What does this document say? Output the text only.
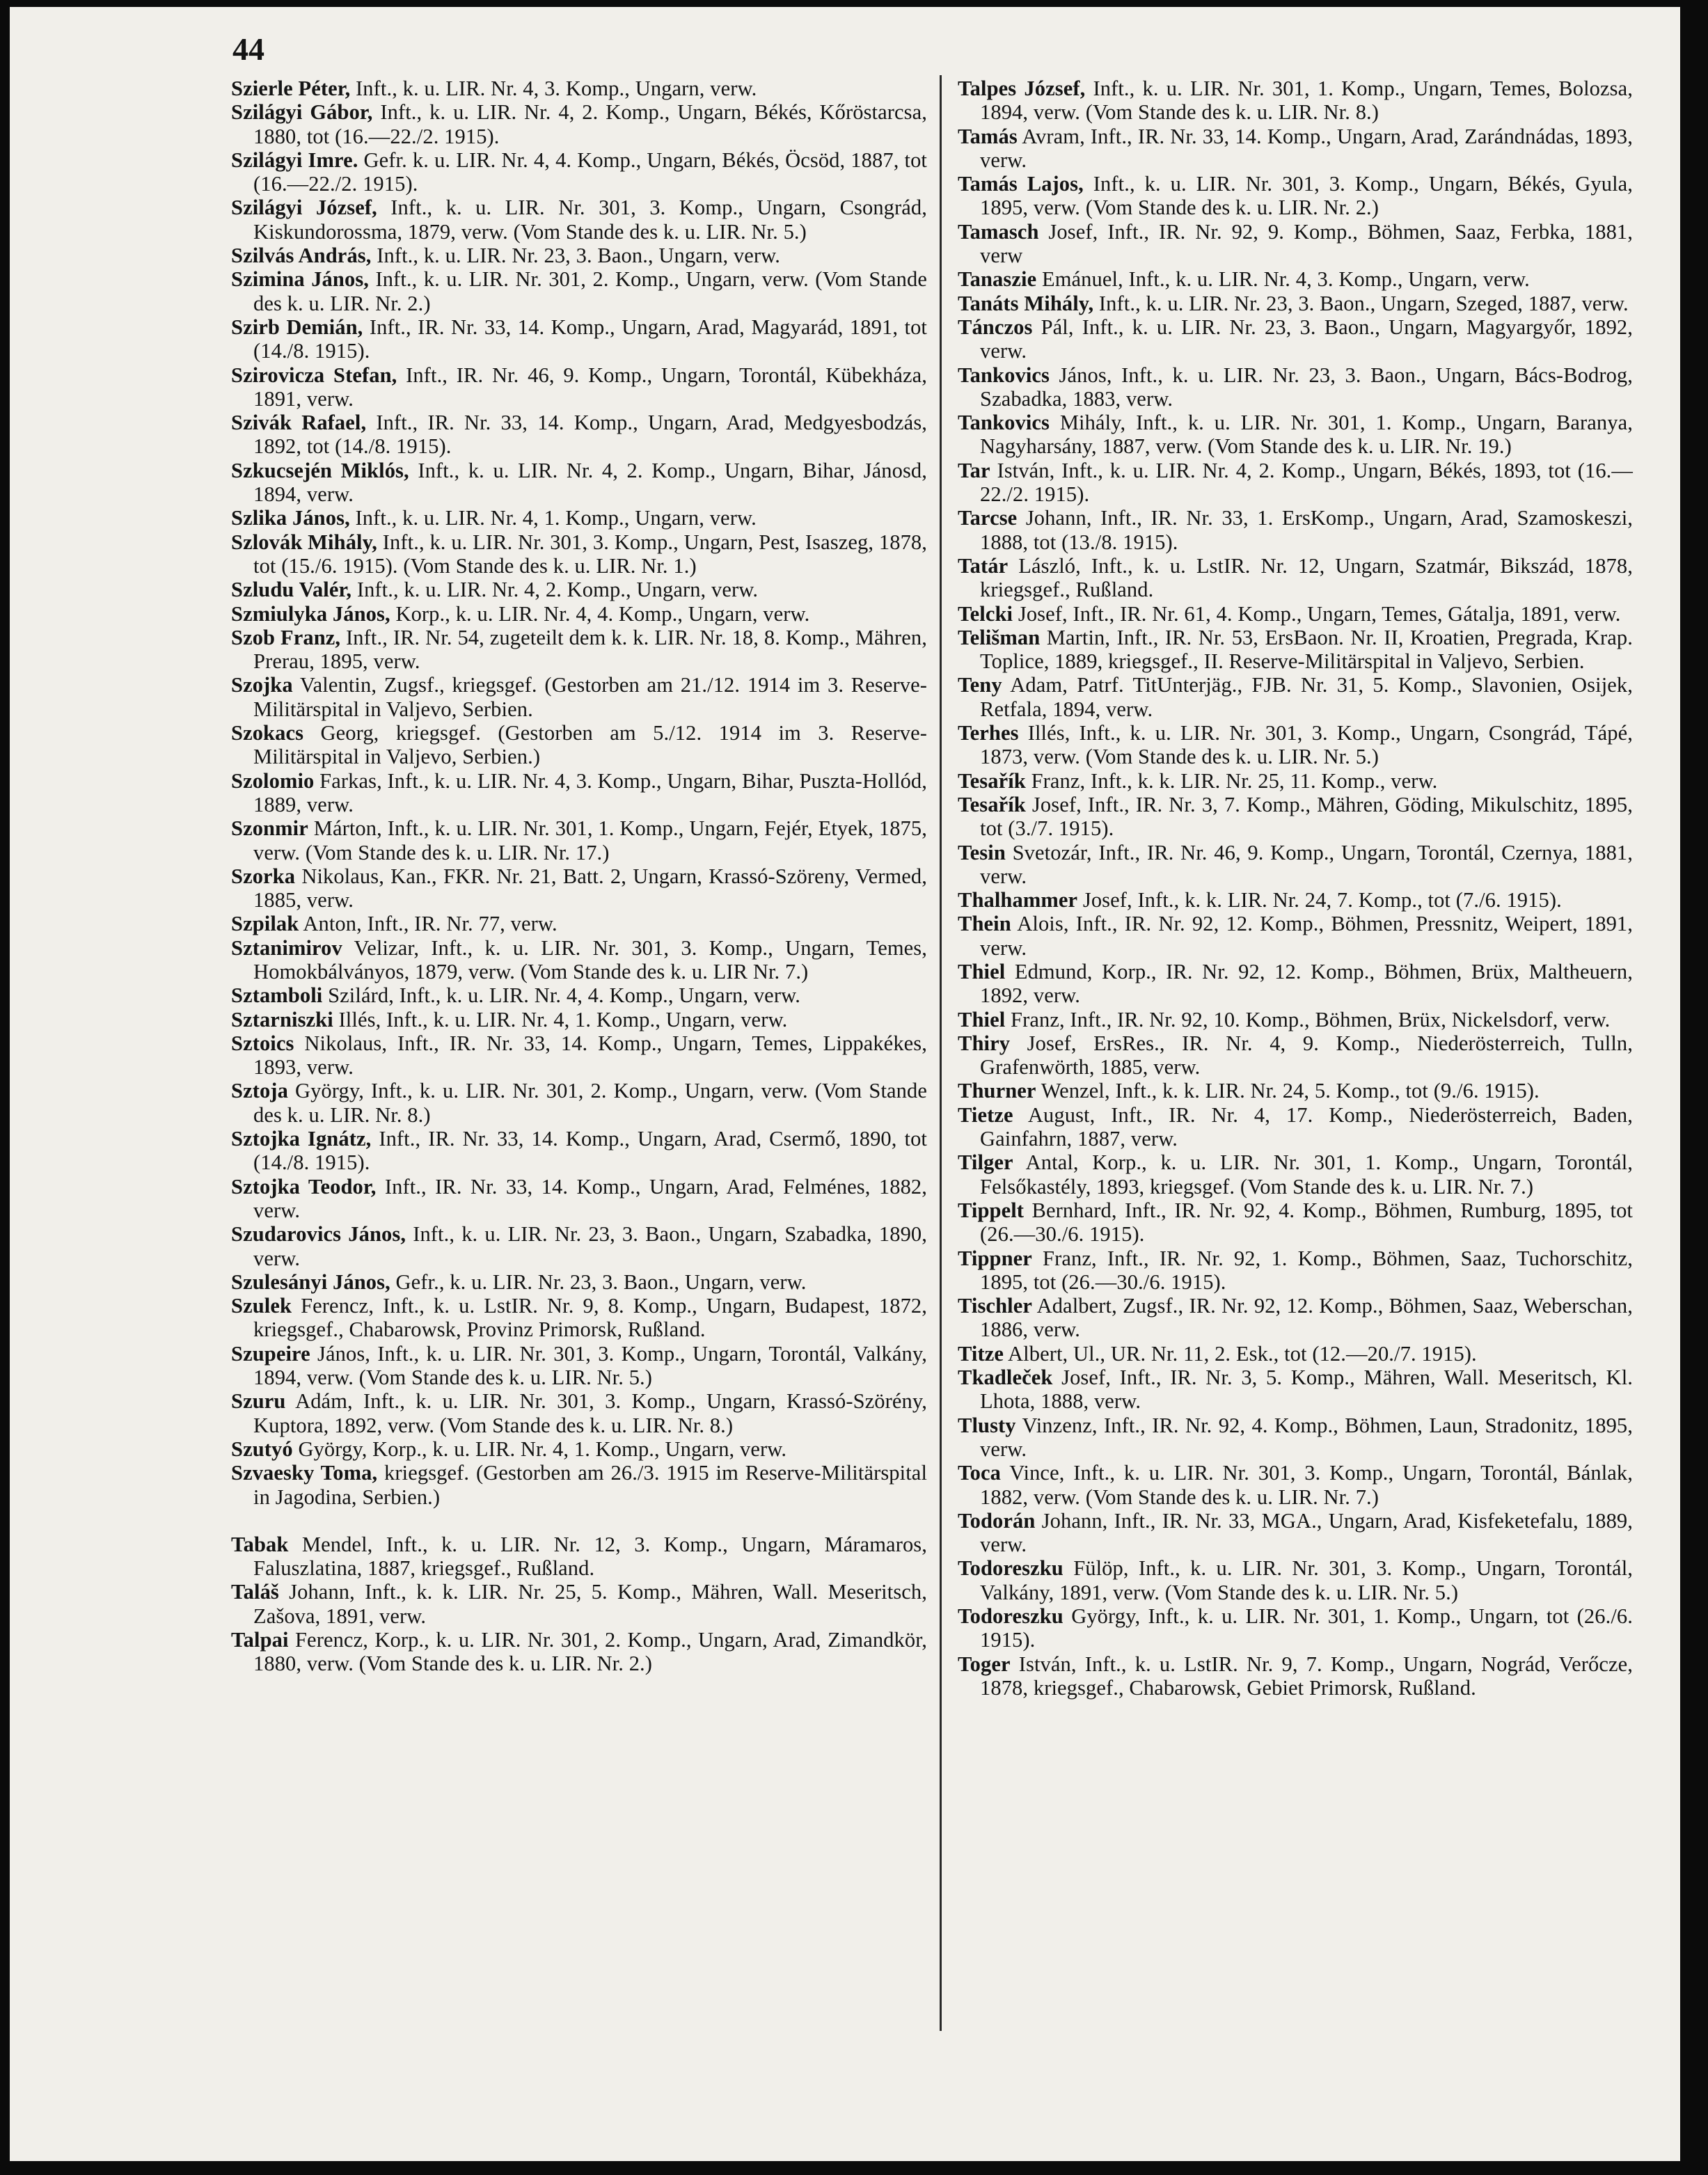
44

Szierle Péter, Inft., k. u. LIR. Nr. 4, 3. Komp., Ungarn, verw.

Szilágyi Gábor, Inft., k. u. LIR. Nr. 4, 2. Komp., Ungarn, Békés, Kőröstarcsa, 1880, tot (16.—22./2. 1915).

Szilágyi Imre. Gefr. k. u. LIR. Nr. 4, 4. Komp., Ungarn, Békés, Öcsöd, 1887, tot (16.—22./2. 1915).

Szilágyi József, Inft., k. u. LIR. Nr. 301, 3. Komp., Ungarn, Csongrád, Kiskundorossma, 1879, verw. (Vom Stande des k. u. LIR. Nr. 5.)

Szilvás András, Inft., k. u. LIR. Nr. 23, 3. Baon., Ungarn, verw.

Szimina János, Inft., k. u. LIR. Nr. 301, 2. Komp., Ungarn, verw. (Vom Stande des k. u. LIR. Nr. 2.)

Szirb Demián, Inft., IR. Nr. 33, 14. Komp., Ungarn, Arad, Magyarád, 1891, tot (14./8. 1915).

Szirovicza Stefan, Inft., IR. Nr. 46, 9. Komp., Ungarn, Torontál, Kübekháza, 1891, verw.

Szivák Rafael, Inft., IR. Nr. 33, 14. Komp., Ungarn, Arad, Medgyesbodzás, 1892, tot (14./8. 1915).

Szkucsején Miklós, Inft., k. u. LIR. Nr. 4, 2. Komp., Ungarn, Bihar, Jánosd, 1894, verw.

Szlika János, Inft., k. u. LIR. Nr. 4, 1. Komp., Ungarn, verw.

Szlovák Mihály, Inft., k. u. LIR. Nr. 301, 3. Komp., Ungarn, Pest, Isaszeg, 1878, tot (15./6. 1915). (Vom Stande des k. u. LIR. Nr. 1.)

Szludu Valér, Inft., k. u. LIR. Nr. 4, 2. Komp., Ungarn, verw.

Szmiulyka János, Korp., k. u. LIR. Nr. 4, 4. Komp., Ungarn, verw.

Szob Franz, Inft., IR. Nr. 54, zugeteilt dem k. k. LIR. Nr. 18, 8. Komp., Mähren, Prerau, 1895, verw.

Szojka Valentin, Zugsf., kriegsgef. (Gestorben am 21./12. 1914 im 3. Reserve-Militärspital in Valjevo, Serbien.

Szokacs Georg, kriegsgef. (Gestorben am 5./12. 1914 im 3. Reserve-Militärspital in Valjevo, Serbien.)

Szolomio Farkas, Inft., k. u. LIR. Nr. 4, 3. Komp., Ungarn, Bihar, Puszta-Hollód, 1889, verw.

Szonmir Márton, Inft., k. u. LIR. Nr. 301, 1. Komp., Ungarn, Fejér, Etyek, 1875, verw. (Vom Stande des k. u. LIR. Nr. 17.)

Szorka Nikolaus, Kan., FKR. Nr. 21, Batt. 2, Ungarn, Krassó-Szöreny, Vermed, 1885, verw.

Szpilak Anton, Inft., IR. Nr. 77, verw.

Sztanimirov Velizar, Inft., k. u. LIR. Nr. 301, 3. Komp., Ungarn, Temes, Homokbálványos, 1879, verw. (Vom Stande des k. u. LIR Nr. 7.)

Sztamboli Szilárd, Inft., k. u. LIR. Nr. 4, 4. Komp., Ungarn, verw.

Sztarniszki Illés, Inft., k. u. LIR. Nr. 4, 1. Komp., Ungarn, verw.

Sztoics Nikolaus, Inft., IR. Nr. 33, 14. Komp., Ungarn, Temes, Lippakékes, 1893, verw.

Sztoja György, Inft., k. u. LIR. Nr. 301, 2. Komp., Ungarn, verw. (Vom Stande des k. u. LIR. Nr. 8.)

Sztojka Ignátz, Inft., IR. Nr. 33, 14. Komp., Ungarn, Arad, Csermő, 1890, tot (14./8. 1915).

Sztojka Teodor, Inft., IR. Nr. 33, 14. Komp., Ungarn, Arad, Felménes, 1882, verw.

Szudarovics János, Inft., k. u. LIR. Nr. 23, 3. Baon., Ungarn, Szabadka, 1890, verw.

Szulesányi János, Gefr., k. u. LIR. Nr. 23, 3. Baon., Ungarn, verw.

Szulek Ferencz, Inft., k. u. LstIR. Nr. 9, 8. Komp., Ungarn, Budapest, 1872, kriegsgef., Chabarowsk, Provinz Primorsk, Rußland.

Szupeire János, Inft., k. u. LIR. Nr. 301, 3. Komp., Ungarn, Torontál, Valkány, 1894, verw. (Vom Stande des k. u. LIR. Nr. 5.)

Szuru Adám, Inft., k. u. LIR. Nr. 301, 3. Komp., Ungarn, Krassó-Szörény, Kuptora, 1892, verw. (Vom Stande des k. u. LIR. Nr. 8.)

Szutyó György, Korp., k. u. LIR. Nr. 4, 1. Komp., Ungarn, verw.

Szvaesky Toma, kriegsgef. (Gestorben am 26./3. 1915 im Reserve-Militärspital in Jagodina, Serbien.)

Tabak Mendel, Inft., k. u. LIR. Nr. 12, 3. Komp., Ungarn, Máramaros, Faluszlatina, 1887, kriegsgef., Rußland.

Taláš Johann, Inft., k. k. LIR. Nr. 25, 5. Komp., Mähren, Wall. Meseritsch, Zašova, 1891, verw.

Talpai Ferencz, Korp., k. u. LIR. Nr. 301, 2. Komp., Ungarn, Arad, Zimandkör, 1880, verw. (Vom Stande des k. u. LIR. Nr. 2.)

Talpes József, Inft., k. u. LIR. Nr. 301, 1. Komp., Ungarn, Temes, Bolozsa, 1894, verw. (Vom Stande des k. u. LIR. Nr. 8.)

Tamás Avram, Inft., IR. Nr. 33, 14. Komp., Ungarn, Arad, Zarándnádas, 1893, verw.

Tamás Lajos, Inft., k. u. LIR. Nr. 301, 3. Komp., Ungarn, Békés, Gyula, 1895, verw. (Vom Stande des k. u. LIR. Nr. 2.)

Tamasch Josef, Inft., IR. Nr. 92, 9. Komp., Böhmen, Saaz, Ferbka, 1881, verw

Tanaszie Emánuel, Inft., k. u. LIR. Nr. 4, 3. Komp., Ungarn, verw.

Tanáts Mihály, Inft., k. u. LIR. Nr. 23, 3. Baon., Ungarn, Szeged, 1887, verw.

Tánczos Pál, Inft., k. u. LIR. Nr. 23, 3. Baon., Ungarn, Magyargyőr, 1892, verw.

Tankovics János, Inft., k. u. LIR. Nr. 23, 3. Baon., Ungarn, Bács-Bodrog, Szabadka, 1883, verw.

Tankovics Mihály, Inft., k. u. LIR. Nr. 301, 1. Komp., Ungarn, Baranya, Nagyharsány, 1887, verw. (Vom Stande des k. u. LIR. Nr. 19.)

Tar István, Inft., k. u. LIR. Nr. 4, 2. Komp., Ungarn, Békés, 1893, tot (16.—22./2. 1915).

Tarcse Johann, Inft., IR. Nr. 33, 1. ErsKomp., Ungarn, Arad, Szamoskeszi, 1888, tot (13./8. 1915).

Tatár László, Inft., k. u. LstIR. Nr. 12, Ungarn, Szatmár, Bikszád, 1878, kriegsgef., Rußland.

Telcki Josef, Inft., IR. Nr. 61, 4. Komp., Ungarn, Temes, Gátalja, 1891, verw.

Telišman Martin, Inft., IR. Nr. 53, ErsBaon. Nr. II, Kroatien, Pregrada, Krap. Toplice, 1889, kriegsgef., II. Reserve-Militärspital in Valjevo, Serbien.

Teny Adam, Patrf. TitUnterjäg., FJB. Nr. 31, 5. Komp., Slavonien, Osijek, Retfala, 1894, verw.

Terhes Illés, Inft., k. u. LIR. Nr. 301, 3. Komp., Ungarn, Csongrád, Tápé, 1873, verw. (Vom Stande des k. u. LIR. Nr. 5.)

Tesařík Franz, Inft., k. k. LIR. Nr. 25, 11. Komp., verw.

Tesařík Josef, Inft., IR. Nr. 3, 7. Komp., Mähren, Göding, Mikulschitz, 1895, tot (3./7. 1915).

Tesin Svetozár, Inft., IR. Nr. 46, 9. Komp., Ungarn, Torontál, Czernya, 1881, verw.

Thalhammer Josef, Inft., k. k. LIR. Nr. 24, 7. Komp., tot (7./6. 1915).

Thein Alois, Inft., IR. Nr. 92, 12. Komp., Böhmen, Pressnitz, Weipert, 1891, verw.

Thiel Edmund, Korp., IR. Nr. 92, 12. Komp., Böhmen, Brüx, Maltheuern, 1892, verw.

Thiel Franz, Inft., IR. Nr. 92, 10. Komp., Böhmen, Brüx, Nickelsdorf, verw.

Thiry Josef, ErsRes., IR. Nr. 4, 9. Komp., Niederösterreich, Tulln, Grafenwörth, 1885, verw.

Thurner Wenzel, Inft., k. k. LIR. Nr. 24, 5. Komp., tot (9./6. 1915).

Tietze August, Inft., IR. Nr. 4, 17. Komp., Niederösterreich, Baden, Gainfahrn, 1887, verw.

Tilger Antal, Korp., k. u. LIR. Nr. 301, 1. Komp., Ungarn, Torontál, Felsőkastély, 1893, kriegsgef. (Vom Stande des k. u. LIR. Nr. 7.)

Tippelt Bernhard, Inft., IR. Nr. 92, 4. Komp., Böhmen, Rumburg, 1895, tot (26.—30./6. 1915).

Tippner Franz, Inft., IR. Nr. 92, 1. Komp., Böhmen, Saaz, Tuchorschitz, 1895, tot (26.—30./6. 1915).

Tischler Adalbert, Zugsf., IR. Nr. 92, 12. Komp., Böhmen, Saaz, Weberschan, 1886, verw.

Titze Albert, Ul., UR. Nr. 11, 2. Esk., tot (12.—20./7. 1915).

Tkadleček Josef, Inft., IR. Nr. 3, 5. Komp., Mähren, Wall. Meseritsch, Kl. Lhota, 1888, verw.

Tlusty Vinzenz, Inft., IR. Nr. 92, 4. Komp., Böhmen, Laun, Stradonitz, 1895, verw.

Toca Vince, Inft., k. u. LIR. Nr. 301, 3. Komp., Ungarn, Torontál, Bánlak, 1882, verw. (Vom Stande des k. u. LIR. Nr. 7.)

Todorán Johann, Inft., IR. Nr. 33, MGA., Ungarn, Arad, Kisfeketefalu, 1889, verw.

Todoreszku Fülöp, Inft., k. u. LIR. Nr. 301, 3. Komp., Ungarn, Torontál, Valkány, 1891, verw. (Vom Stande des k. u. LIR. Nr. 5.)

Todoreszku György, Inft., k. u. LIR. Nr. 301, 1. Komp., Ungarn, tot (26./6. 1915).

Toger István, Inft., k. u. LstIR. Nr. 9, 7. Komp., Ungarn, Nográd, Verőcze, 1878, kriegsgef., Chabarowsk, Gebiet Primorsk, Rußland.
